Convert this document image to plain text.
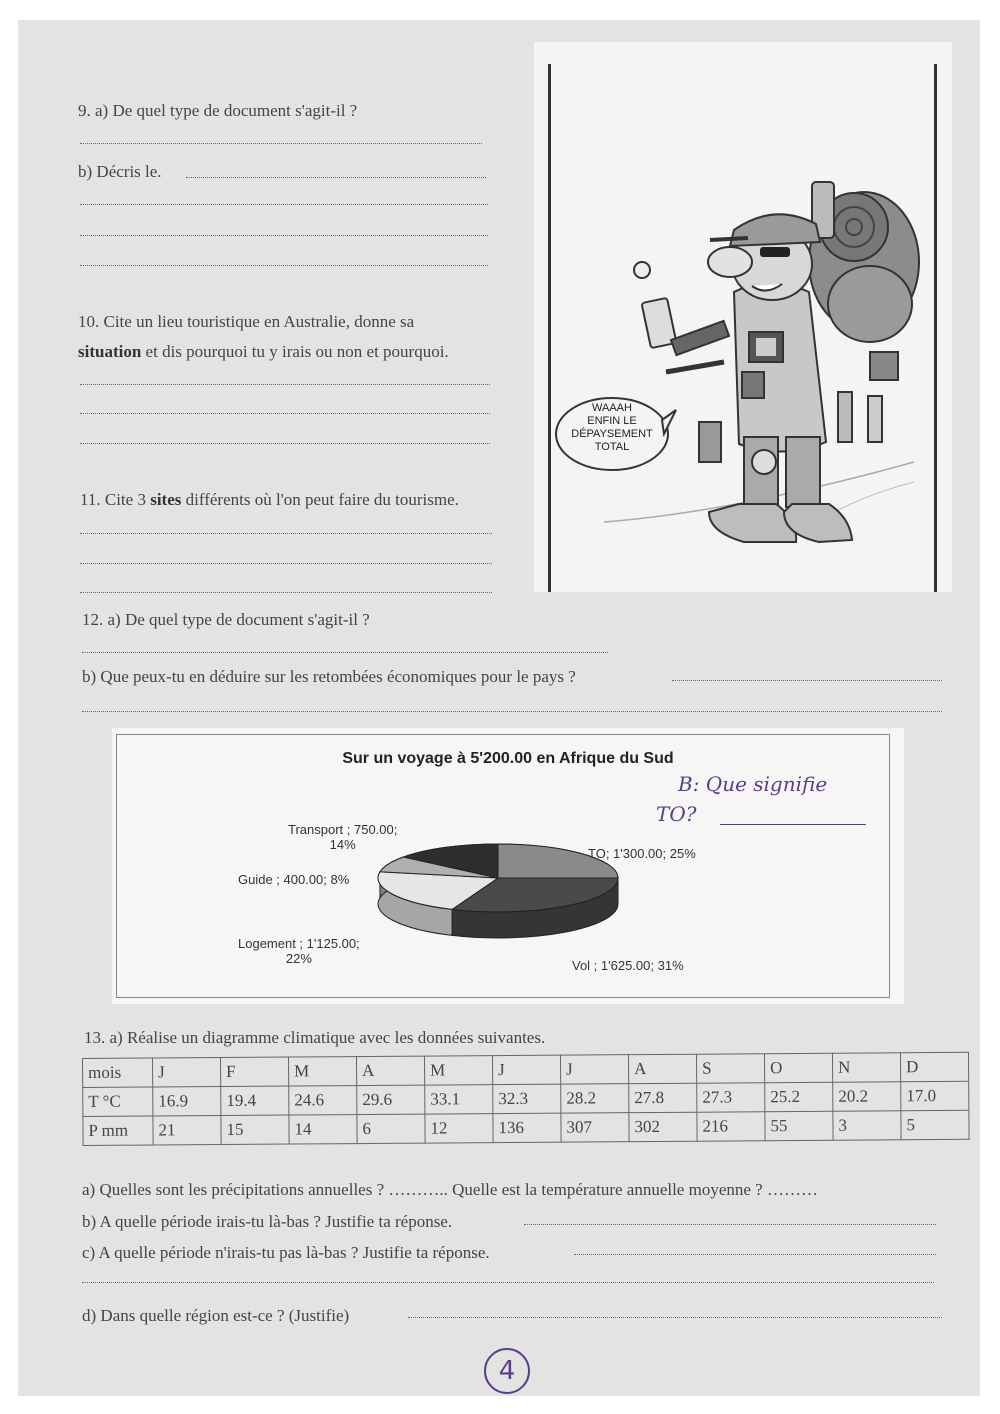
9. a) De quel type de document s'agit-il ?
b) Décris le.
10. Cite un lieu touristique en Australie, donne sa
situation et dis pourquoi tu y irais ou non et pourquoi.
11. Cite 3 sites différents où l'on peut faire du tourisme.
WAAAH
ENFIN LE
DÉPAYSEMENT
TOTAL
12. a) De quel type de document s'agit-il ?
b) Que peux-tu en déduire sur les retombées économiques pour le pays ?
Sur un voyage à 5'200.00 en Afrique du Sud
Transport ; 750.00;
14%
TO; 1'300.00; 25%
Guide ; 400.00; 8%
Logement ; 1'125.00;
22%	Vol ; 1'625.00; 31%
B: Que signifie
TO?
13. a) Réalise un diagramme climatique avec les données suivantes.
mois	J	F	M	A	M	J	J	A	S	O	N	D
T °C	16.9	19.4	24.6	29.6	33.1	32.3	28.2	27.8	27.3	25.2	20.2	17.0
P mm	21	15	14	6	12	136	307	302	216	55	3	5
a) Quelles sont les précipitations annuelles ? ……….. Quelle est la température annuelle moyenne ? ………
b) A quelle période irais-tu là-bas ? Justifie ta réponse.
c) A quelle période n'irais-tu pas là-bas ? Justifie ta réponse.
d) Dans quelle région est-ce ? (Justifie)
4
